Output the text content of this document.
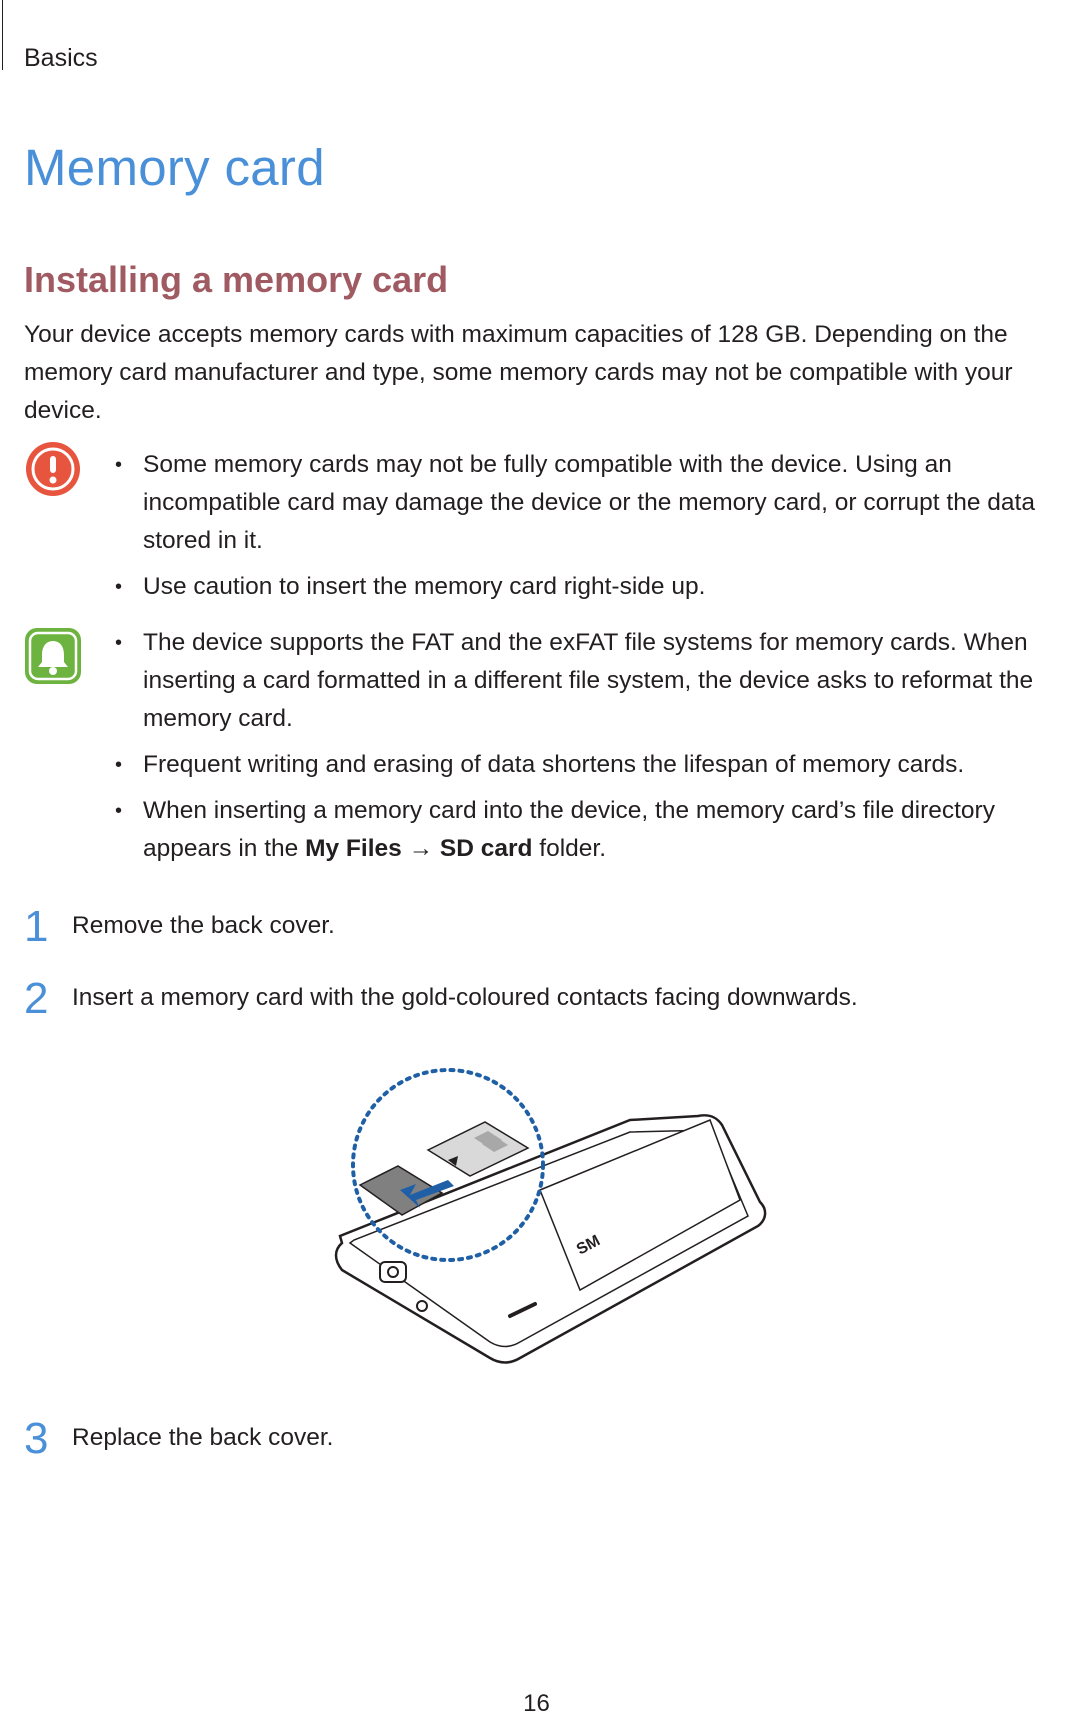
Basics
Memory card
Installing a memory card

Your device accepts memory cards with maximum capacities of 128 GB. Depending on the memory card manufacturer and type, some memory cards may not be compatible with your device.

• Some memory cards may not be fully compatible with the device. Using an incompatible card may damage the device or the memory card, or corrupt the data stored in it.
• Use caution to insert the memory card right-side up.
• The device supports the FAT and the exFAT file systems for memory cards. When inserting a card formatted in a different file system, the device asks to reformat the memory card.
• Frequent writing and erasing of data shortens the lifespan of memory cards.
• When inserting a memory card into the device, the memory card’s file directory appears in the My Files → SD card folder.
1 Remove the back cover.
2 Insert a memory card with the gold-coloured contacts facing downwards.
SM
3 Replace the back cover.
16
